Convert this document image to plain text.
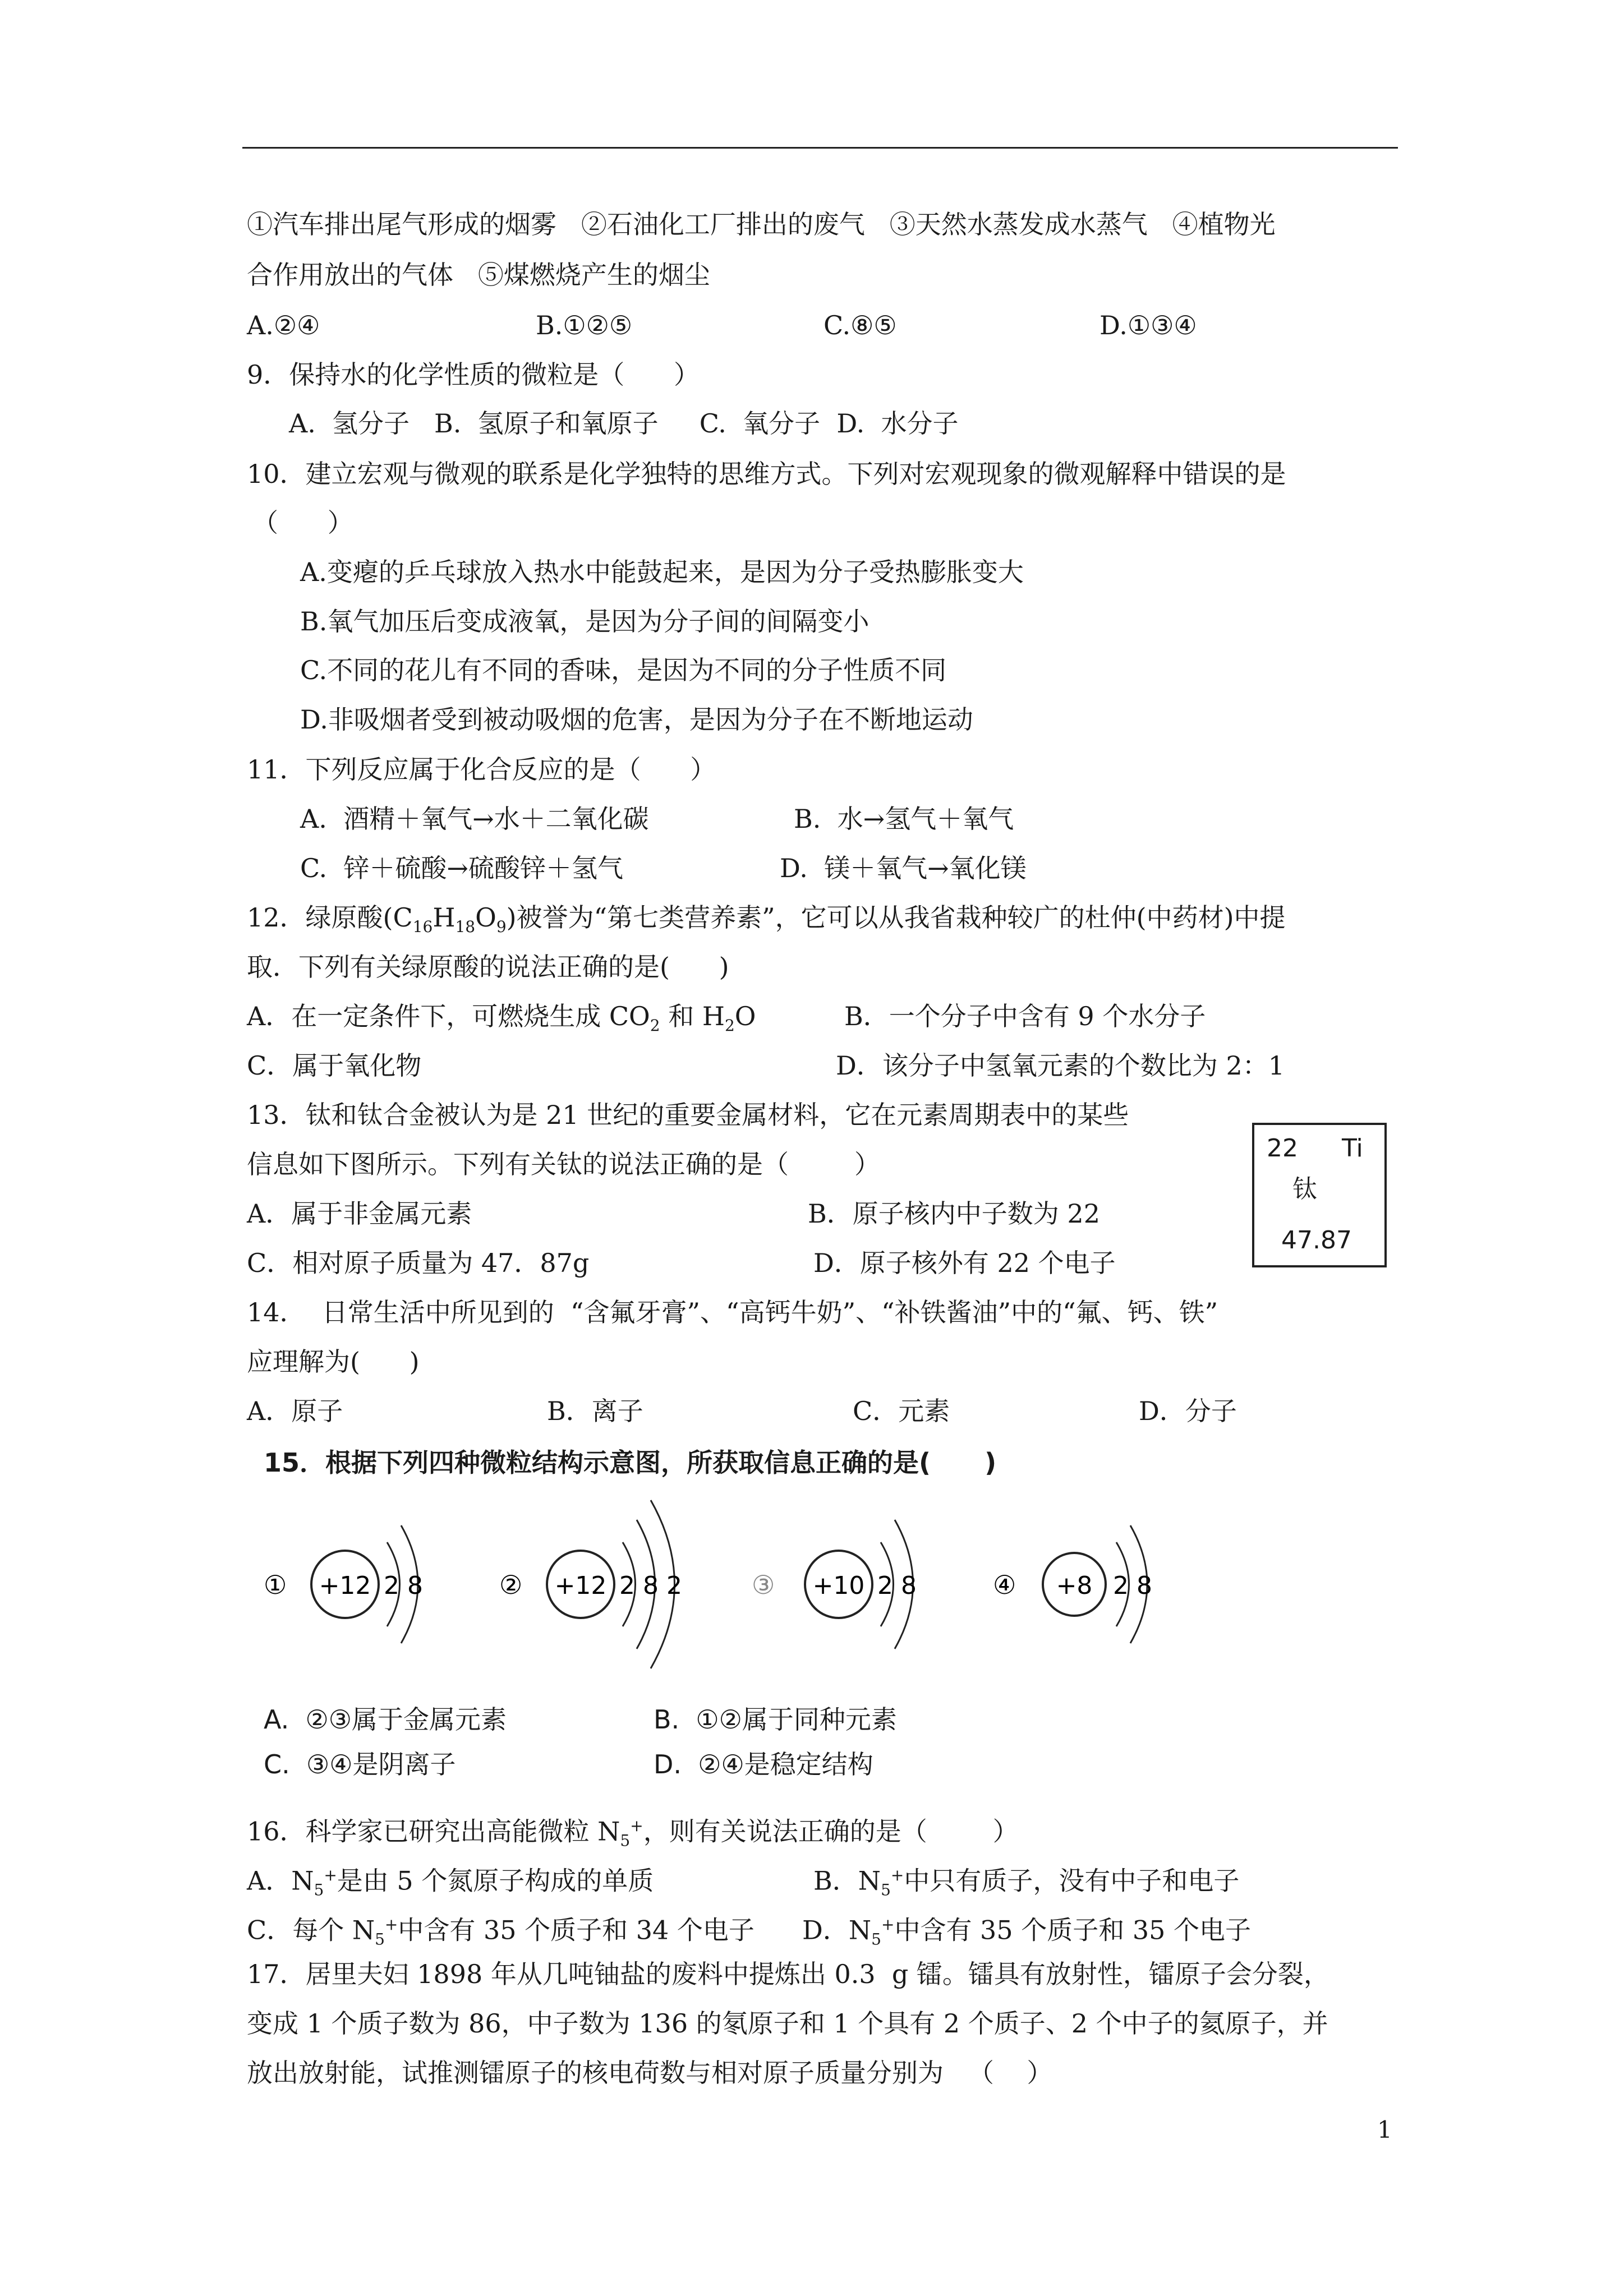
①汽车排出尾气形成的烟雾   ②石油化工厂排出的废气   ③天然水蒸发成水蒸气   ④植物光
合作用放出的气体   ⑤煤燃烧产生的烟尘
A.②④	B.①②⑤	C.⑧⑤	D.①③④
9．保持水的化学性质的微粒是（      ）
A.  氢分子   B.  氢原子和氧原子     C.  氧分子  D.  水分子
10．建立宏观与微观的联系是化学独特的思维方式。下列对宏观现象的微观解释中错误的是
（      ）
A.变瘪的乒乓球放入热水中能鼓起来，是因为分子受热膨胀变大
B.氧气加压后变成液氧，是因为分子间的间隔变小
C.不同的花儿有不同的香味，是因为不同的分子性质不同
D.非吸烟者受到被动吸烟的危害，是因为分子在不断地运动
11．下列反应属于化合反应的是（      ）
A.  酒精＋氧气→水＋二氧化碳	B.  水→氢气＋氧气
C.  锌＋硫酸→硫酸锌＋氢气	D.  镁＋氧气→氧化镁
12．绿原酸$(C_{16}H_{18}O_9)$被誉为“第七类营养素”，它可以从我省栽种较广的杜仲(中药材)中提
取．下列有关绿原酸的说法正确的是(      )
A．在一定条件下，可燃烧生成 $CO_2$ 和 $H_2O$	B．一个分子中含有 9 个水分子
C．属于氧化物	D．该分子中氢氧元素的个数比为 2：1
13．钛和钛合金被认为是 21 世纪的重要金属材料，它在元素周期表中的某些
信息如下图所示。下列有关钛的说法正确的是（        ）
A．属于非金属元素	B．原子核内中子数为 22
C．相对原子质量为 47．87g	D．原子核外有 22 个电子
22 Ti
钛
47.87
14．  日常生活中所见到的  “含氟牙膏”、“高钙牛奶”、“补铁酱油”中的“氟、钙、铁”
应理解为(      )
A．原子	B．离子	C．元素	D．分子
15．根据下列四种微粒结构示意图，所获取信息正确的是(      )
① +12 2 8	② +12 2 8 2	③ +10 2 8	④ +8 2 8
A.  ②③属于金属元素	B.  ①②属于同种元素
C.  ③④是阴离子	D.  ②④是稳定结构
16．科学家已研究出高能微粒 $N_5^+$，则有关说法正确的是（        ）
A．$N_5^+$是由 5 个氮原子构成的单质	B．$N_5^+$中只有质子，没有中子和电子
C．每个 $N_5^+$中含有 35 个质子和 34 个电子 D．$N_5^+$中含有 35 个质子和 35 个电子
17．居里夫妇 1898 年从几吨铀盐的废料中提炼出 0.3  g 镭。镭具有放射性，镭原子会分裂，
变成 1 个质子数为 86，中子数为 136 的氡原子和 1 个具有 2 个质子、2 个中子的氦原子，并
放出放射能，试推测镭原子的核电荷数与相对原子质量分别为   （    ）
1
